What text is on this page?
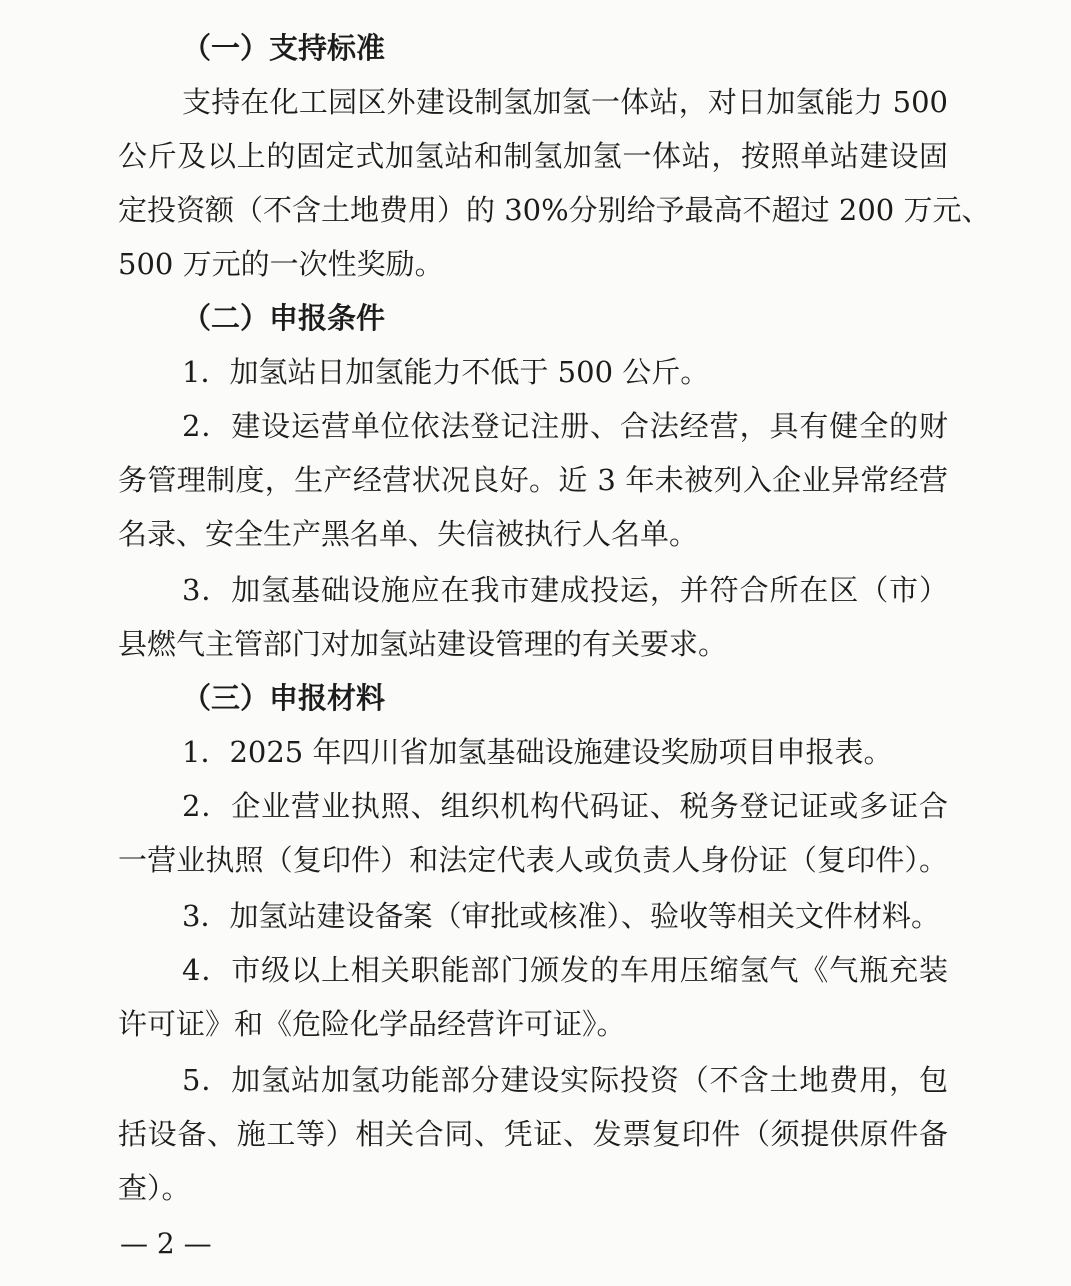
（一）支持标准
支持在化工园区外建设制氢加氢一体站，对日加氢能力 500
公斤及以上的固定式加氢站和制氢加氢一体站，按照单站建设固
定投资额（不含土地费用）的 30%分别给予最高不超过 200 万元、
500 万元的一次性奖励。
（二）申报条件
1．加氢站日加氢能力不低于 500 公斤。
2．建设运营单位依法登记注册、合法经营，具有健全的财
务管理制度，生产经营状况良好。近 3 年未被列入企业异常经营
名录、安全生产黑名单、失信被执行人名单。
3．加氢基础设施应在我市建成投运，并符合所在区（市）
县燃气主管部门对加氢站建设管理的有关要求。
（三）申报材料
1．2025 年四川省加氢基础设施建设奖励项目申报表。
2．企业营业执照、组织机构代码证、税务登记证或多证合
一营业执照（复印件）和法定代表人或负责人身份证（复印件）。
3．加氢站建设备案（审批或核准）、验收等相关文件材料。
4．市级以上相关职能部门颁发的车用压缩氢气《气瓶充装
许可证》和《危险化学品经营许可证》。
5．加氢站加氢功能部分建设实际投资（不含土地费用，包
括设备、施工等）相关合同、凭证、发票复印件（须提供原件备
查）。
— 2 —
